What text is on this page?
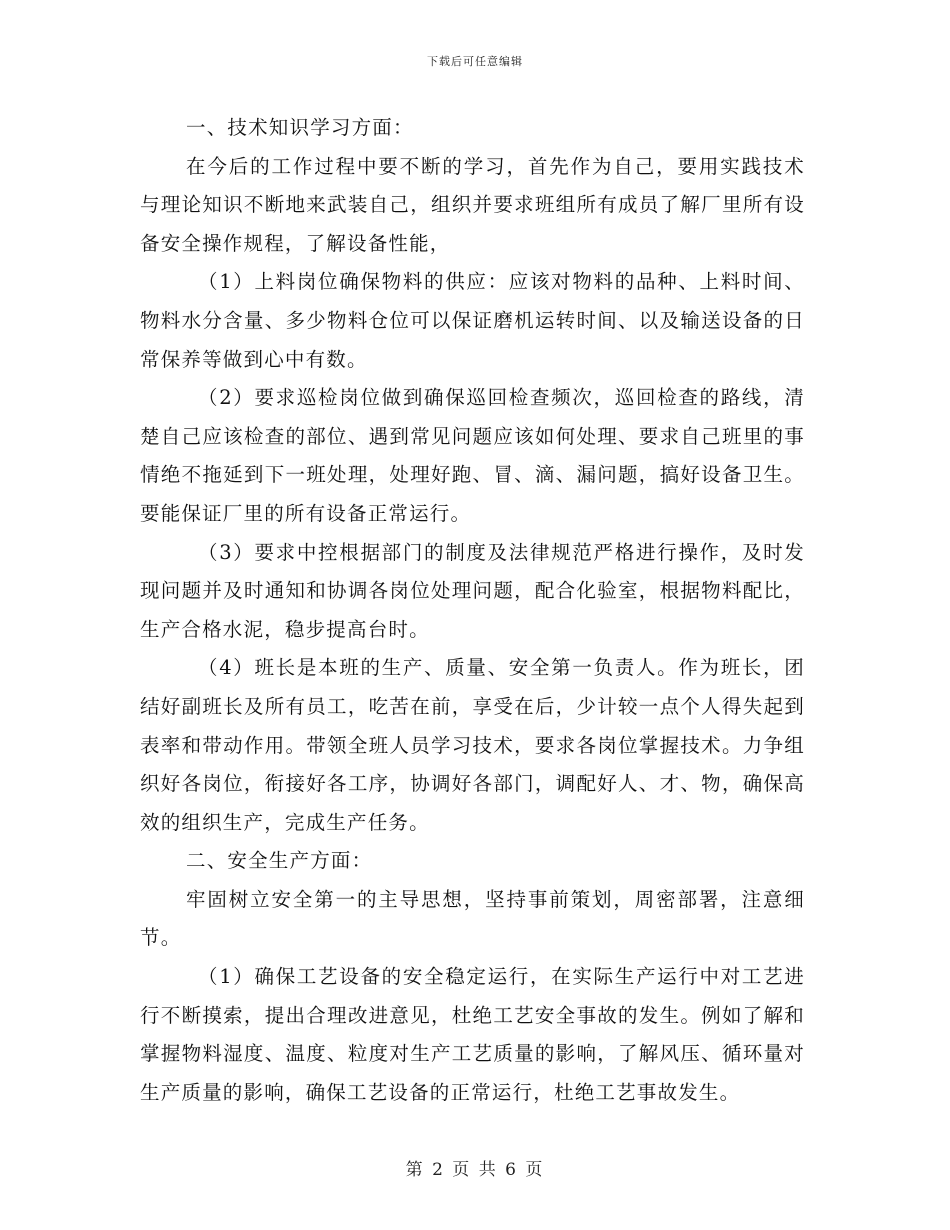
下载后可任意编辑

一、技术知识学习方面：

在今后的工作过程中要不断的学习，首先作为自己，要用实践技术与理论知识不断地来武装自己，组织并要求班组所有成员了解厂里所有设备安全操作规程，了解设备性能，

（1）上料岗位确保物料的供应：应该对物料的品种、上料时间、物料水分含量、多少物料仓位可以保证磨机运转时间、以及输送设备的日常保养等做到心中有数。

（2）要求巡检岗位做到确保巡回检查频次，巡回检查的路线，清楚自己应该检查的部位、遇到常见问题应该如何处理、要求自己班里的事情绝不拖延到下一班处理，处理好跑、冒、滴、漏问题，搞好设备卫生。要能保证厂里的所有设备正常运行。

（3）要求中控根据部门的制度及法律规范严格进行操作，及时发现问题并及时通知和协调各岗位处理问题，配合化验室，根据物料配比，生产合格水泥，稳步提高台时。

（4）班长是本班的生产、质量、安全第一负责人。作为班长，团结好副班长及所有员工，吃苦在前，享受在后，少计较一点个人得失起到表率和带动作用。带领全班人员学习技术，要求各岗位掌握技术。力争组织好各岗位，衔接好各工序，协调好各部门，调配好人、才、物，确保高效的组织生产，完成生产任务。

二、安全生产方面：

牢固树立安全第一的主导思想，坚持事前策划，周密部署，注意细节。

（1）确保工艺设备的安全稳定运行，在实际生产运行中对工艺进行不断摸索，提出合理改进意见，杜绝工艺安全事故的发生。例如了解和掌握物料湿度、温度、粒度对生产工艺质量的影响，了解风压、循环量对生产质量的影响，确保工艺设备的正常运行，杜绝工艺事故发生。

第 2 页 共 6 页
